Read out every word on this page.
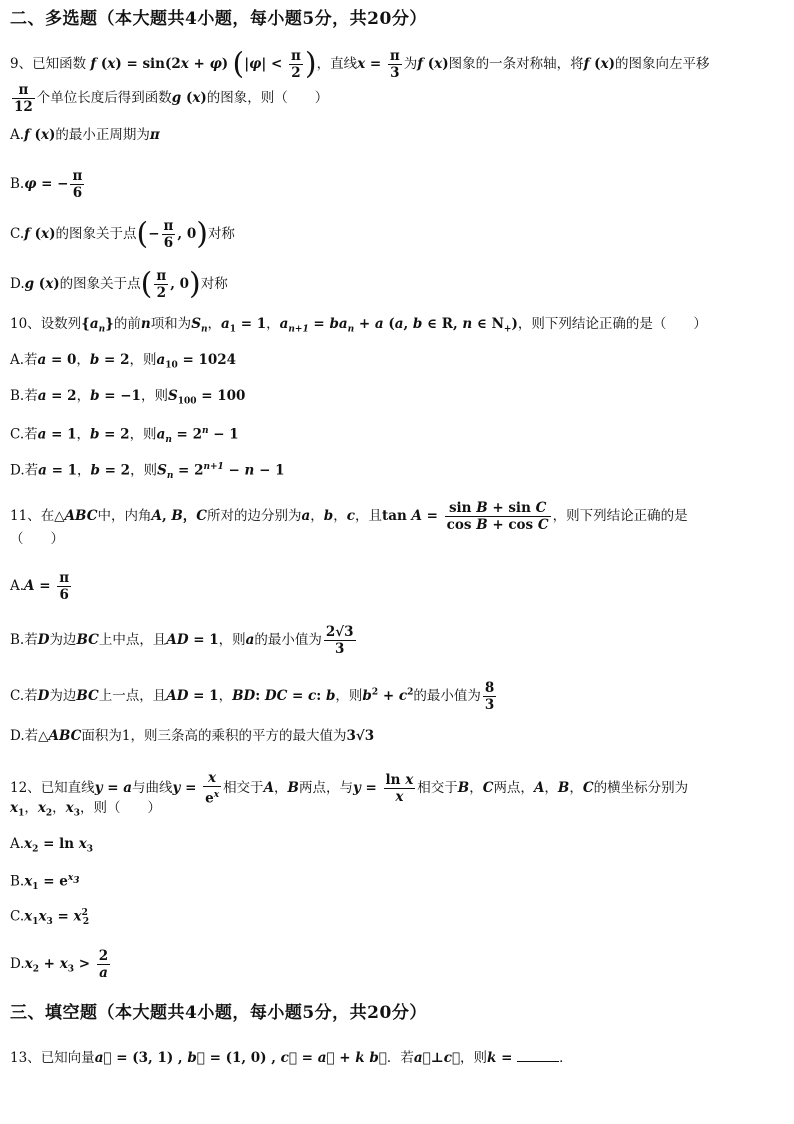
二、多选题（本大题共4小题，每小题5分，共20分）
9、已知函数 f (x) = sin(2x + φ) ($|\varphi| < \frac{\pi}{2}$ )，直线$x = \frac{\pi}{3}$ 为f (x)图象的一条对称轴，将f (x)的图象向左平移
$\frac{\pi}{12}$ 个单位长度后得到函数g (x)的图象，则（　　）
A.f (x)的最小正周期为π
B.φ = − $\frac{\pi}{6}$
C.f (x)的图象关于点(− $\frac{\pi}{6}$ , 0)对称
D.g (x)的图象关于点( $\frac{\pi}{2}$ , 0)对称
10、设数列$\{a_n\}$的前n项和为$S_n$，$a_1 = 1$，$a_{n+1} = ba_n + a$ (a, b ∈ R, n ∈ $N_+$)，则下列结论正确的是（　　）
A.若a = 0，b = 2，则$a_{10} = 1024$
B.若a = 2，b = −1，则$S_{100} = 100$
C.若a = 1，b = 2，则$a_n = 2^n - 1$
D.若a = 1，b = 2，则$S_n = 2^{n+1} - n - 1$
11、在△ABC中，内角A, B，C所对的边分别为a，b，c，且$\tan A = \frac{\text{sin B + sin C}}{\text{cos B + cos C}}$ ，则下列结论正确的是
（　　）
$A.A = \frac{\pi}{6}$
B.若D为边BC上中点，且AD = 1，则a的最小值为 $\frac{2√3}{3}$
C.若D为边BC上一点，且AD = 1，BD: DC = c: b，则$b^2 + c^2$的最小值为 $\frac{8}{3}$
D.若△ABC面积为1，则三条高的乘积的平方的最大值为3√3
12、已知直线y = a与曲线$y = \frac{x}{e^x}$ 相交于A，B两点，与$y = \frac{\text{ln x}}{x}$ 相交于B，C两点，A，B，C的横坐标分别为
$x_1$，$x_2$，$x_3$，则（　　）
$A.x_2 = \ln x_3$
$B.x_1 = e^{x_3}$
$C.x_1x_3 = x^2_2$
$D.x_2 + x_3 > \frac{2}{a}$
三、填空题（本大题共4小题，每小题5分，共20分）
13、已知向量a⃗ = (3, 1) , b⃗ = (1, 0) , c⃗ = a⃗ + k b⃗．若a⃗⊥c⃗，则k =	．
